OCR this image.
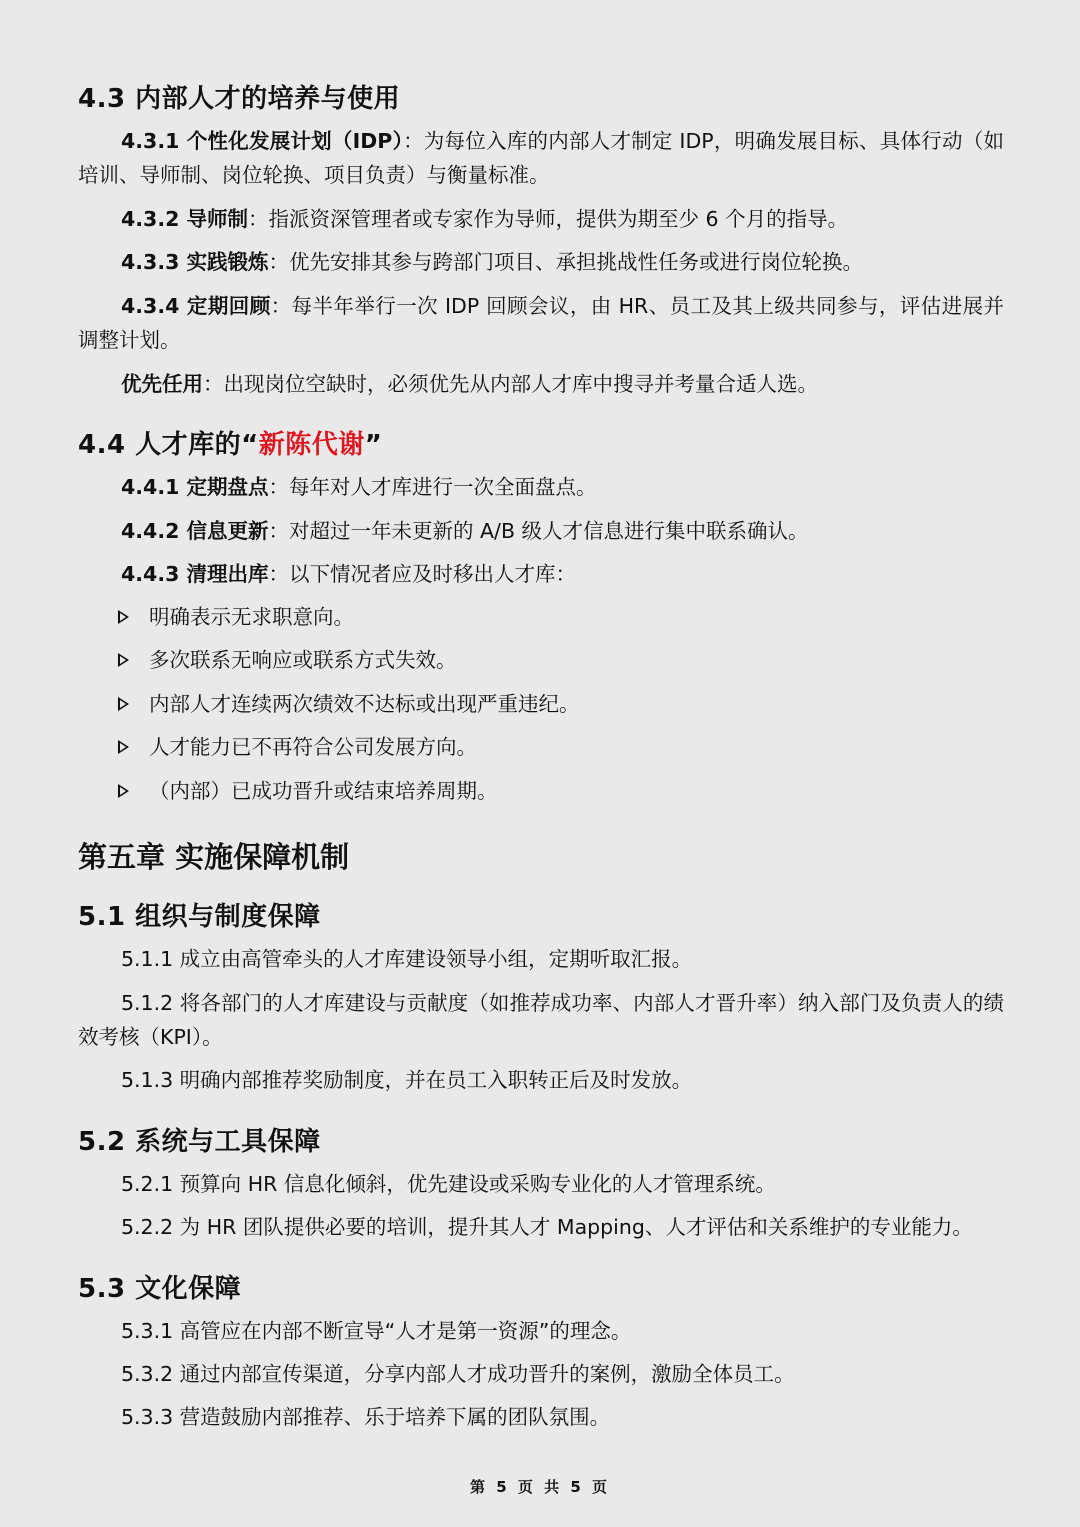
4.3 内部人才的培养与使用
4.3.1 个性化发展计划（IDP）：为每位入库的内部人才制定 IDP，明确发展目标、具体行动（如培训、导师制、岗位轮换、项目负责）与衡量标准。
4.3.2 导师制：指派资深管理者或专家作为导师，提供为期至少 6 个月的指导。
4.3.3 实践锻炼：优先安排其参与跨部门项目、承担挑战性任务或进行岗位轮换。
4.3.4 定期回顾：每半年举行一次 IDP 回顾会议，由 HR、员工及其上级共同参与，评估进展并调整计划。
优先任用：出现岗位空缺时，必须优先从内部人才库中搜寻并考量合适人选。
4.4 人才库的“新陈代谢”
4.4.1 定期盘点：每年对人才库进行一次全面盘点。
4.4.2 信息更新：对超过一年未更新的 A/B 级人才信息进行集中联系确认。
4.4.3 清理出库：以下情况者应及时移出人才库：
明确表示无求职意向。
多次联系无响应或联系方式失效。
内部人才连续两次绩效不达标或出现严重违纪。
人才能力已不再符合公司发展方向。
（内部）已成功晋升或结束培养周期。
第五章 实施保障机制
5.1 组织与制度保障
5.1.1 成立由高管牵头的人才库建设领导小组，定期听取汇报。
5.1.2 将各部门的人才库建设与贡献度（如推荐成功率、内部人才晋升率）纳入部门及负责人的绩效考核（KPI）。
5.1.3 明确内部推荐奖励制度，并在员工入职转正后及时发放。
5.2 系统与工具保障
5.2.1 预算向 HR 信息化倾斜，优先建设或采购专业化的人才管理系统。
5.2.2 为 HR 团队提供必要的培训，提升其人才 Mapping、人才评估和关系维护的专业能力。
5.3 文化保障
5.3.1 高管应在内部不断宣导“人才是第一资源”的理念。
5.3.2 通过内部宣传渠道，分享内部人才成功晋升的案例，激励全体员工。
5.3.3 营造鼓励内部推荐、乐于培养下属的团队氛围。
第 5 页 共 5 页
